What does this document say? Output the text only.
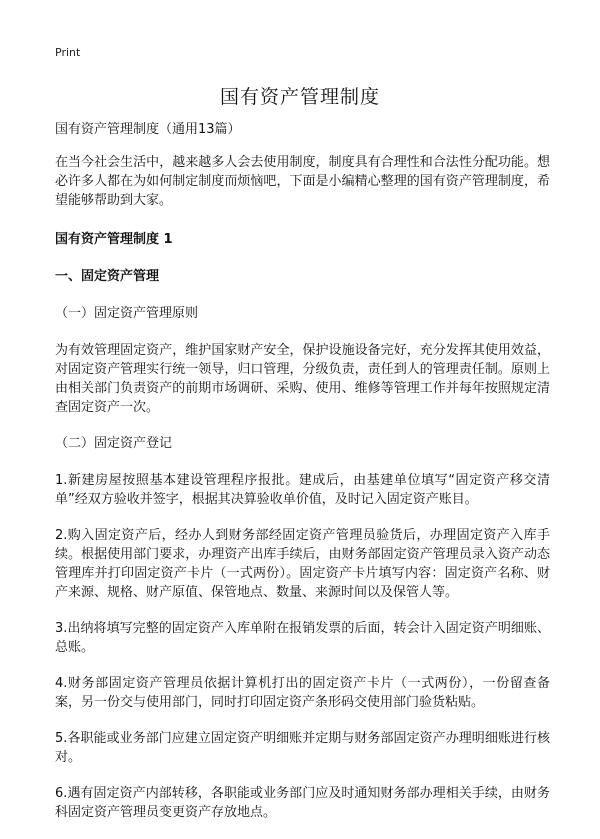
Print
国有资产管理制度

国有资产管理制度（通用13篇）

在当今社会生活中，越来越多人会去使用制度，制度具有合理性和合法性分配功能。想必许多人都在为如何制定制度而烦恼吧，下面是小编精心整理的国有资产管理制度，希望能够帮助到大家。

国有资产管理制度 1

一、固定资产管理

（一）固定资产管理原则

为有效管理固定资产，维护国家财产安全，保护设施设备完好，充分发挥其使用效益，对固定资产管理实行统一领导，归口管理，分级负责，责任到人的管理责任制。原则上由相关部门负责资产的前期市场调研、采购、使用、维修等管理工作并每年按照规定清查固定资产一次。

（二）固定资产登记

1.新建房屋按照基本建设管理程序报批。建成后，由基建单位填写“固定资产移交清单”经双方验收并签字，根据其决算验收单价值，及时记入固定资产账目。

2.购入固定资产后，经办人到财务部经固定资产管理员验货后，办理固定资产入库手续。根据使用部门要求，办理资产出库手续后，由财务部固定资产管理员录入资产动态管理库并打印固定资产卡片（一式两份）。固定资产卡片填写内容：固定资产名称、财产来源、规格、财产原值、保管地点、数量、来源时间以及保管人等。

3.出纳将填写完整的固定资产入库单附在报销发票的后面，转会计入固定资产明细账、总账。

4.财务部固定资产管理员依据计算机打出的固定资产卡片（一式两份），一份留查备案，另一份交与使用部门，同时打印固定资产条形码交使用部门验货粘贴。

5.各职能或业务部门应建立固定资产明细账并定期与财务部固定资产办理明细账进行核对。

6.遇有固定资产内部转移，各职能或业务部门应及时通知财务部办理相关手续，由财务科固定资产管理员变更资产存放地点。
